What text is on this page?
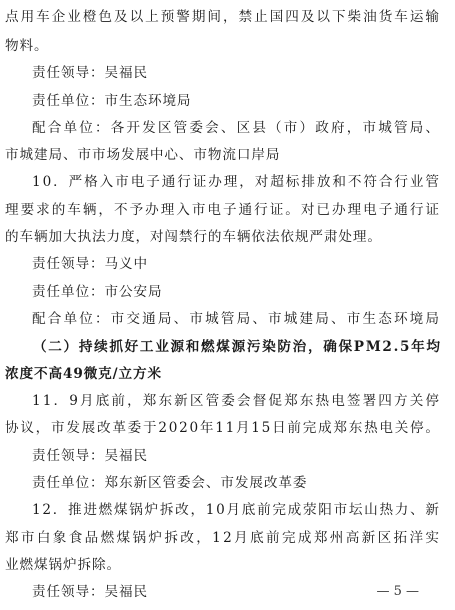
点用车企业橙色及以上预警期间，禁止国四及以下柴油货车运输
物料。
责任领导：吴福民
责任单位：市生态环境局
配合单位：各开发区管委会、区县（市）政府，市城管局、
市城建局、市市场发展中心、市物流口岸局
10．严格入市电子通行证办理，对超标排放和不符合行业管
理要求的车辆，不予办理入市电子通行证。对已办理电子通行证
的车辆加大执法力度，对闯禁行的车辆依法依规严肃处理。
责任领导：马义中
责任单位：市公安局
配合单位：市交通局、市城管局、市城建局、市生态环境局
（二）持续抓好工业源和燃煤源污染防治，确保PM2.5年均
浓度不高49微克/立方米
11．9月底前，郑东新区管委会督促郑东热电签署四方关停
协议，市发展改革委于2020年11月15日前完成郑东热电关停。
责任领导：吴福民
责任单位：郑东新区管委会、市发展改革委
12．推进燃煤锅炉拆改，10月底前完成荥阳市坛山热力、新
郑市白象食品燃煤锅炉拆改，12月底前完成郑州高新区拓洋实
业燃煤锅炉拆除。
责任领导：吴福民	— 5 —
